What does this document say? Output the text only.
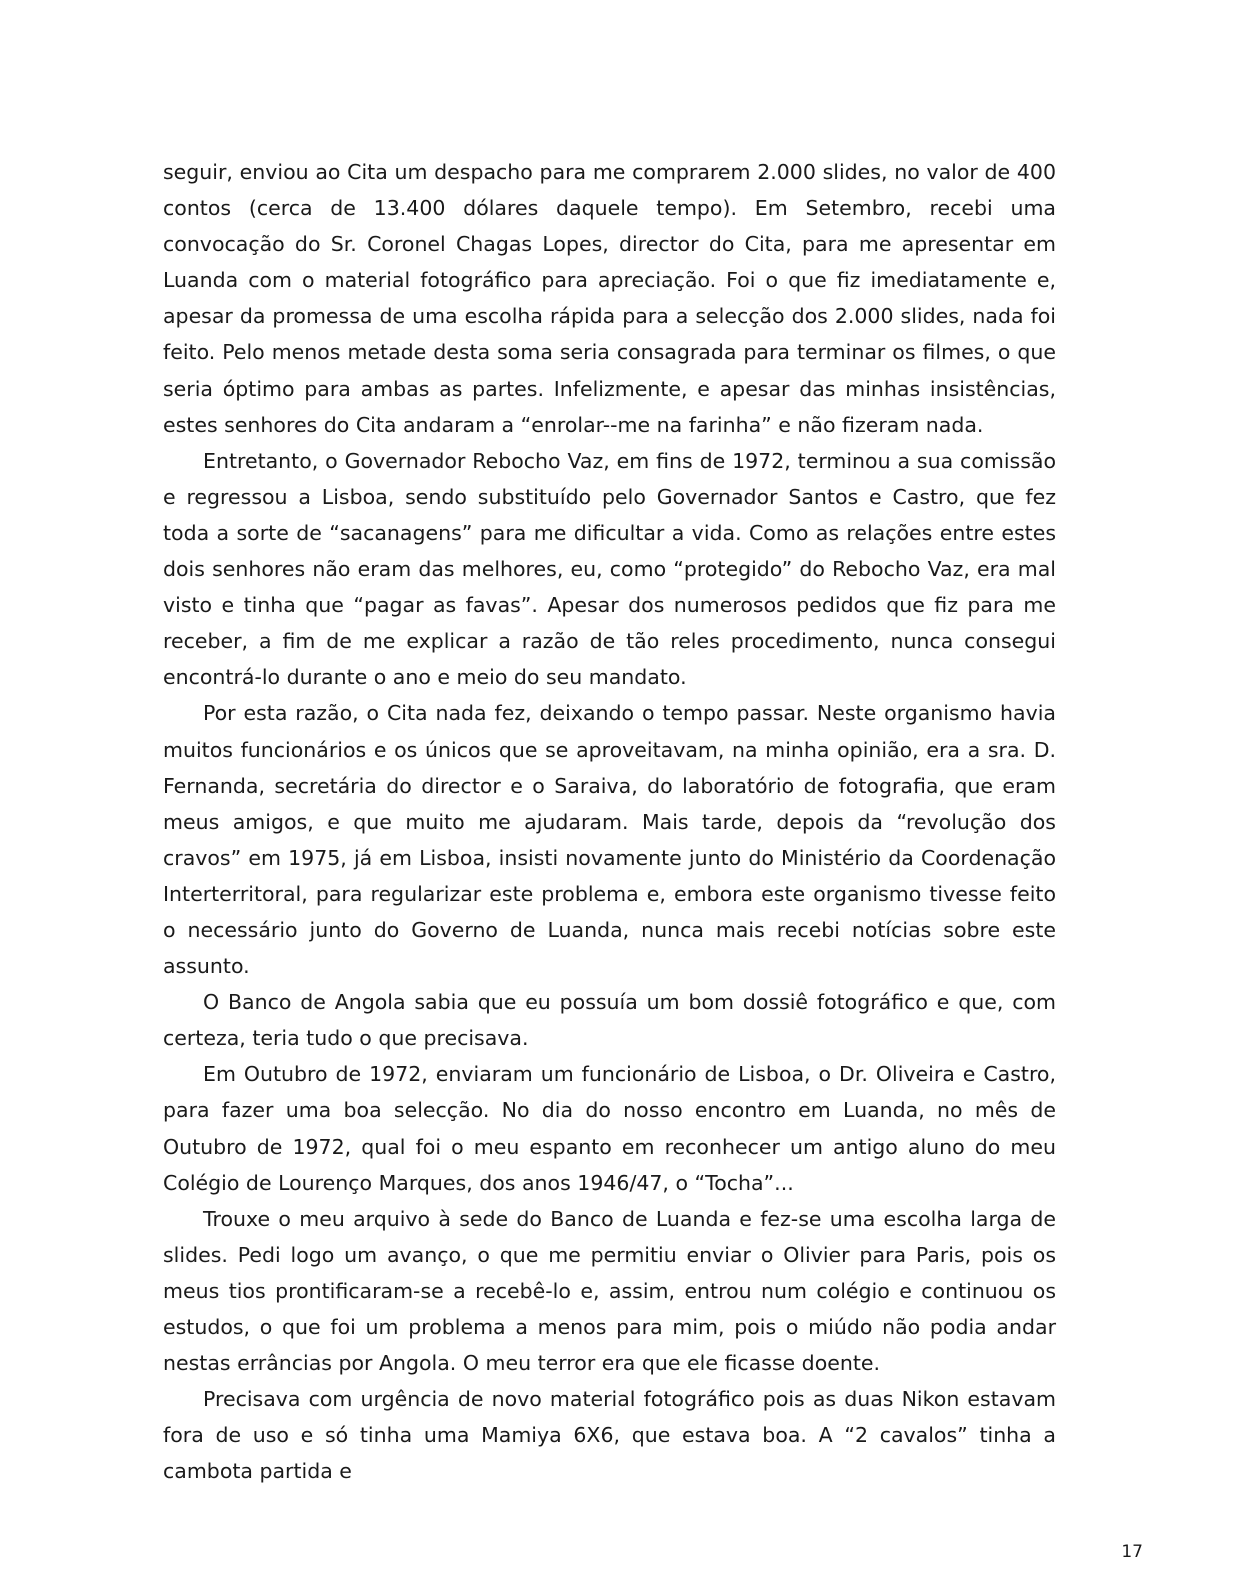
seguir, enviou ao Cita um despacho para me comprarem 2.000 slides, no valor de 400 contos (cerca de 13.400 dólares daquele tempo). Em Setembro, recebi uma convocação do Sr. Coronel Chagas Lopes, director do Cita, para me apresentar em Luanda com o material fotográfico para apreciação. Foi o que fiz imediatamente e, apesar da promessa de uma escolha rápida para a selecção dos 2.000 slides, nada foi feito. Pelo menos metade desta soma seria consagrada para terminar os filmes, o que seria óptimo para ambas as partes. Infelizmente, e apesar das minhas insistências, estes senhores do Cita andaram a “enrolar--me na farinha” e não fizeram nada.

Entretanto, o Governador Rebocho Vaz, em fins de 1972, terminou a sua comissão e regressou a Lisboa, sendo substituído pelo Governador Santos e Castro, que fez toda a sorte de “sacanagens” para me dificultar a vida. Como as relações entre estes dois senhores não eram das melhores, eu, como “protegido” do Rebocho Vaz, era mal visto e tinha que “pagar as favas”. Apesar dos numerosos pedidos que fiz para me receber, a fim de me explicar a razão de tão reles procedimento, nunca consegui encontrá-lo durante o ano e meio do seu mandato.

Por esta razão, o Cita nada fez, deixando o tempo passar. Neste organismo havia muitos funcionários e os únicos que se aproveitavam, na minha opinião, era a sra. D. Fernanda, secretária do director e o Saraiva, do laboratório de fotografia, que eram meus amigos, e que muito me ajudaram. Mais tarde, depois da “revolução dos cravos” em 1975, já em Lisboa, insisti novamente junto do Ministério da Coordenação Interterritoral, para regularizar este problema e, embora este organismo tivesse feito o necessário junto do Governo de Luanda, nunca mais recebi notícias sobre este assunto.

O Banco de Angola sabia que eu possuía um bom dossiê fotográfico e que, com certeza, teria tudo o que precisava.

Em Outubro de 1972, enviaram um funcionário de Lisboa, o Dr. Oliveira e Castro, para fazer uma boa selecção. No dia do nosso encontro em Luanda, no mês de Outubro de 1972, qual foi o meu espanto em reconhecer um antigo aluno do meu Colégio de Lourenço Marques, dos anos 1946/47, o “Tocha”...

Trouxe o meu arquivo à sede do Banco de Luanda e fez-se uma escolha larga de slides. Pedi logo um avanço, o que me permitiu enviar o Olivier para Paris, pois os meus tios prontificaram-se a recebê-lo e, assim, entrou num colégio e continuou os estudos, o que foi um problema a menos para mim, pois o miúdo não podia andar nestas errâncias por Angola. O meu terror era que ele ficasse doente.

Precisava com urgência de novo material fotográfico pois as duas Nikon estavam fora de uso e só tinha uma Mamiya 6X6, que estava boa. A “2 cavalos” tinha a cambota partida e

17
